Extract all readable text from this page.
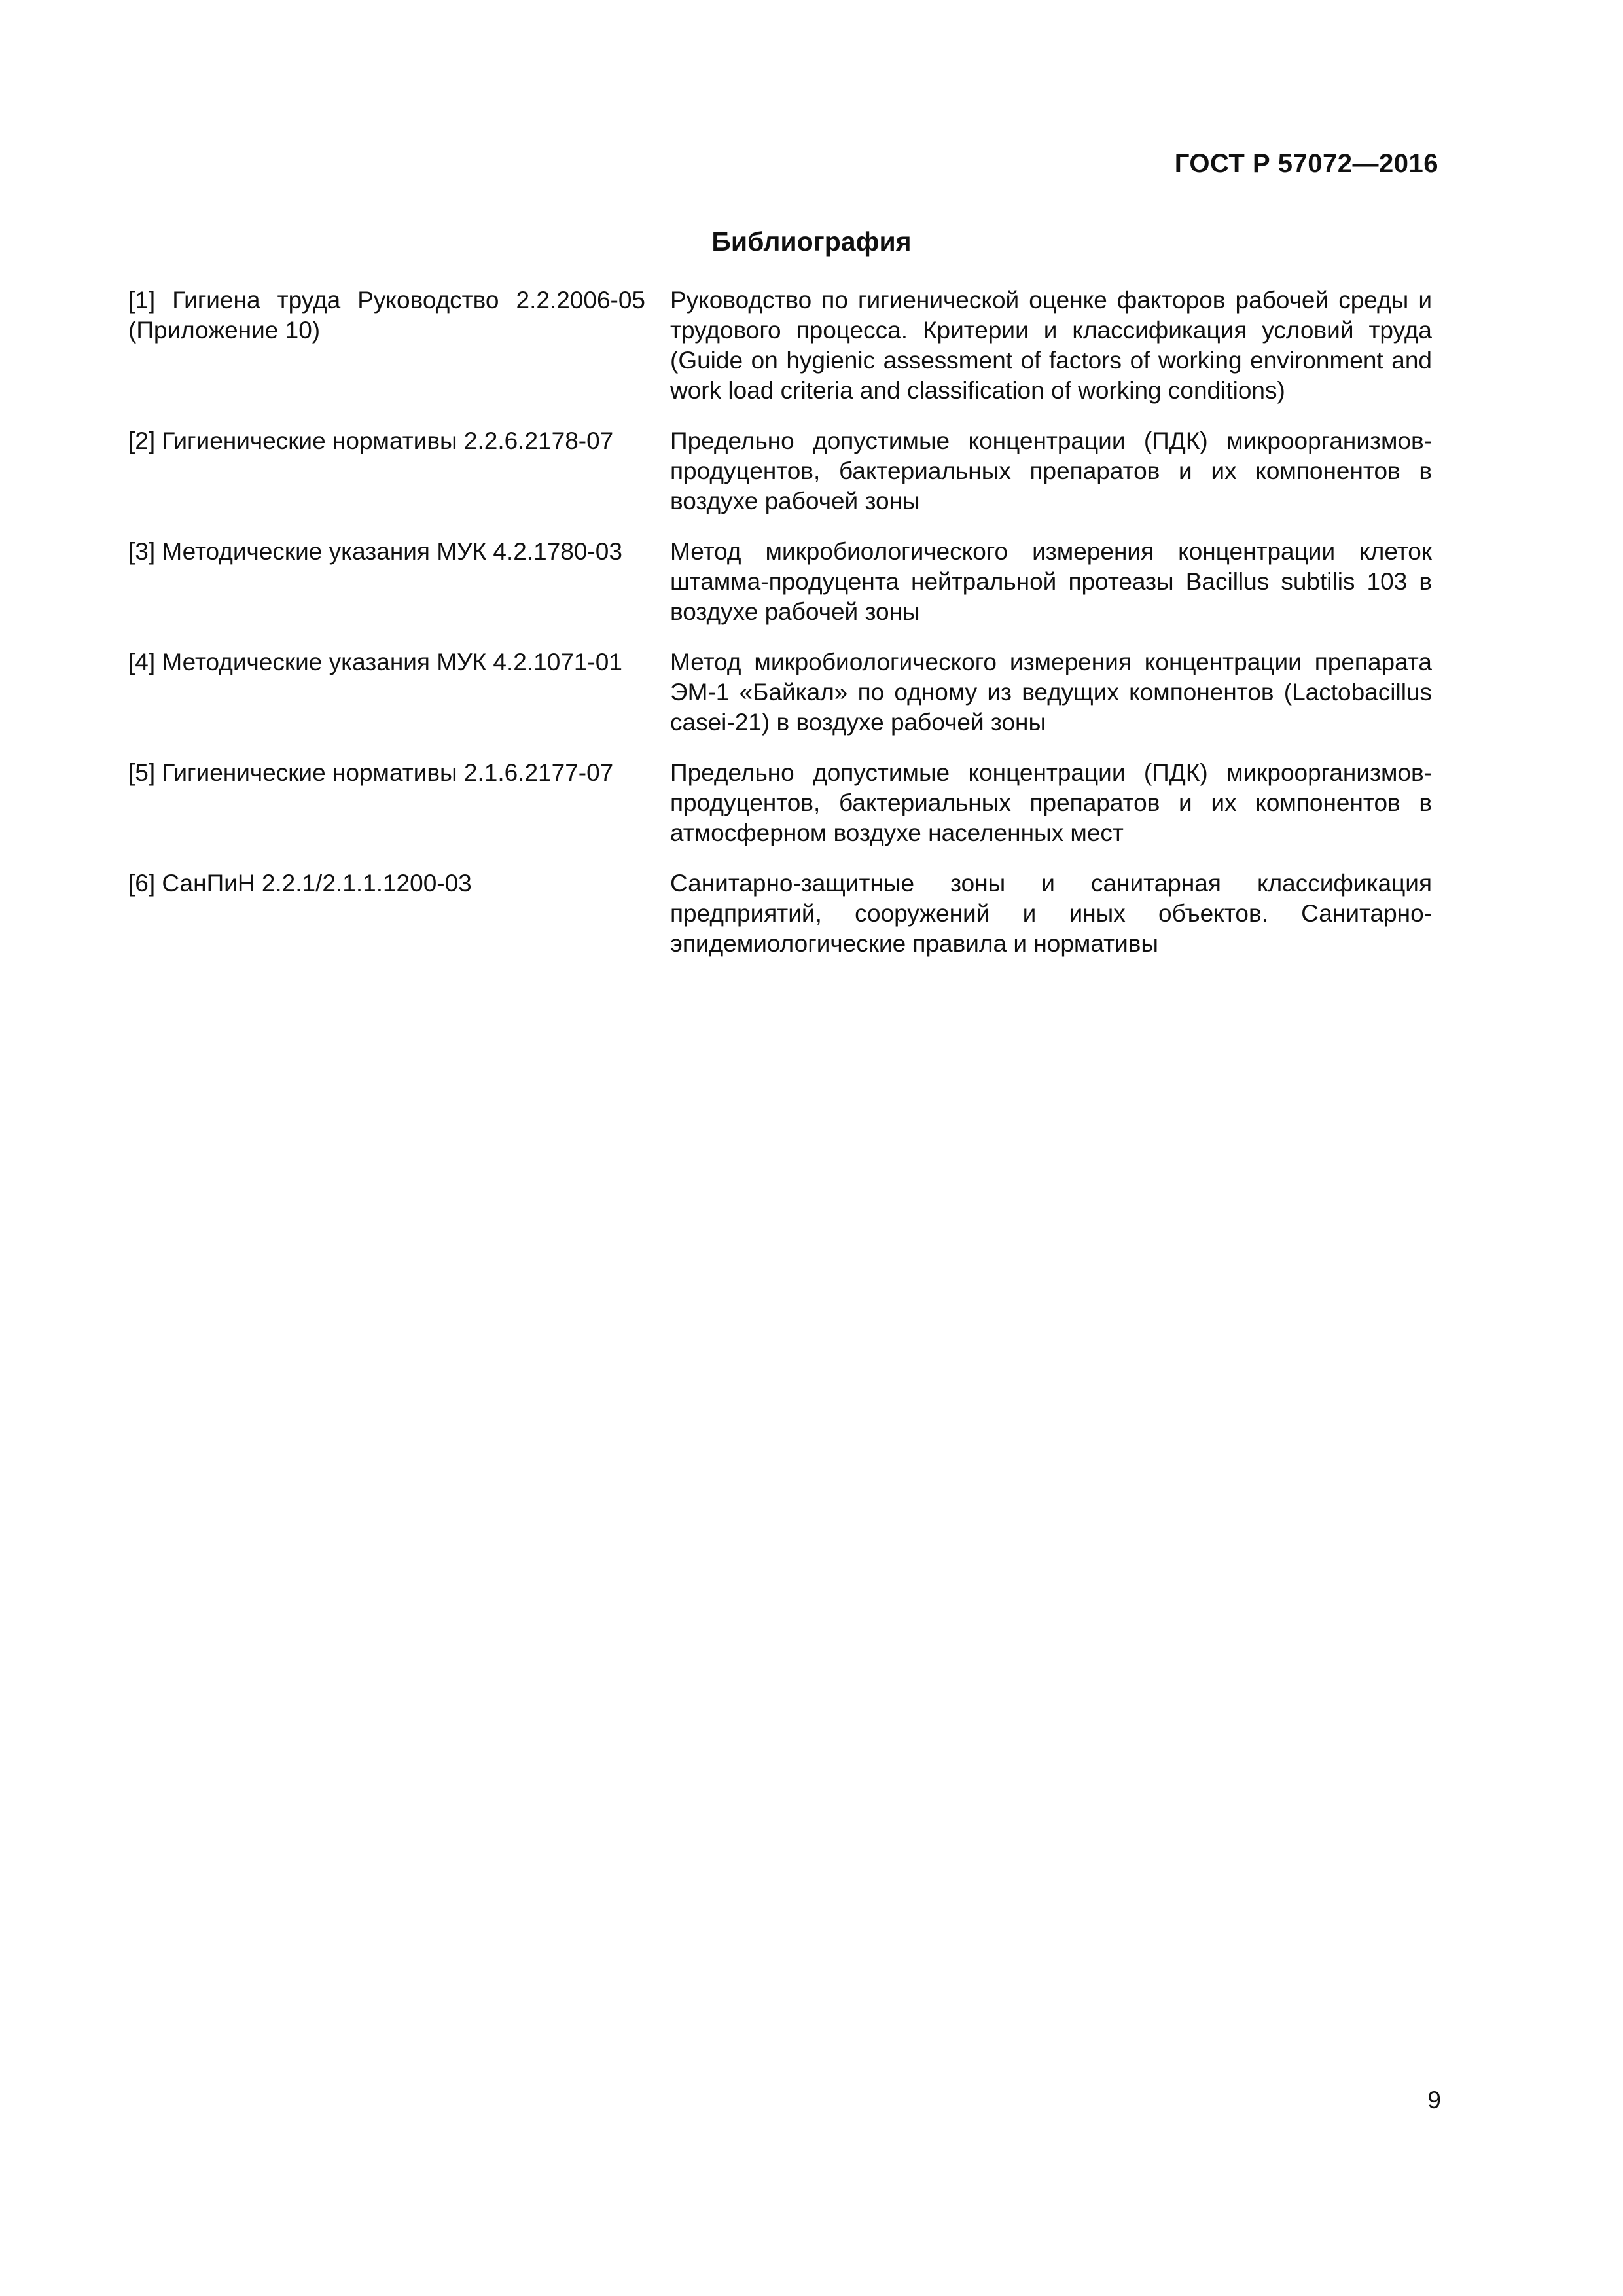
ГОСТ Р 57072—2016
Библиография
[1] Гигиена труда Руководство 2.2.2006-05 (Приложение 10)	Руководство по гигиенической оценке факторов рабочей среды и трудового процесса. Критерии и классификация условий труда (Guide on hygienic assessment of factors of working environment and work load criteria and classification of working conditions)
[2] Гигиенические нормативы 2.2.6.2178-07	Предельно допустимые концентрации (ПДК) микроорганизмов-продуцентов, бактериальных препаратов и их компонентов в воздухе рабочей зоны
[3] Методические указания МУК 4.2.1780-03	Метод микробиологического измерения концентрации клеток штамма-продуцента нейтральной протеазы Bacillus subtilis 103 в воздухе рабочей зоны
[4] Методические указания МУК 4.2.1071-01	Метод микробиологического измерения концентрации препарата ЭМ-1 «Байкал» по одному из ведущих компонентов (Lactobacillus casei-21) в воздухе рабочей зоны
[5] Гигиенические нормативы 2.1.6.2177-07	Предельно допустимые концентрации (ПДК) микроорганизмов-продуцентов, бактериальных препаратов и их компонентов в атмосферном воздухе населенных мест
[6] СанПиН 2.2.1/2.1.1.1200-03	Санитарно-защитные зоны и санитарная классификация предприятий, сооружений и иных объектов. Санитарно-эпидемиологические правила и нормативы
9
